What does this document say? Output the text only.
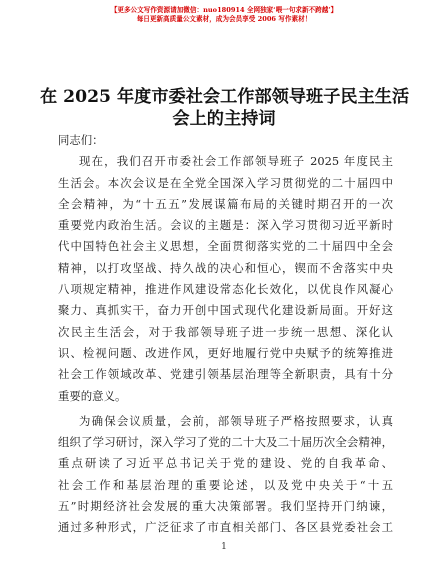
【更多公文写作资源请加微信：nuo180914 全网独家‘喂一句求新不跨越’】
每日更新高质量公文素材，成为会员享受 2006 写作素材！
在 2025 年度市委社会工作部领导班子民主生活
会上的主持词
同志们：
现在，我们召开市委社会工作部领导班子 2025 年度民主
生活会。本次会议是在全党全国深入学习贯彻党的二十届四中
全会精神，为“十五五”发展谋篇布局的关键时期召开的一次
重要党内政治生活。会议的主题是：深入学习贯彻习近平新时
代中国特色社会主义思想，全面贯彻落实党的二十届四中全会
精神，以打攻坚战、持久战的决心和恒心，锲而不舍落实中央
八项规定精神，推进作风建设常态化长效化，以优良作风凝心
聚力、真抓实干，奋力开创中国式现代化建设新局面。开好这
次民主生活会，对于我部领导班子进一步统一思想、深化认
识、检视问题、改进作风，更好地履行党中央赋予的统筹推进
社会工作领域改革、党建引领基层治理等全新职责，具有十分
重要的意义。
为确保会议质量，会前，部领导班子严格按照要求，认真
组织了学习研讨，深入学习了党的二十大及二十届历次全会精神，
重点研读了习近平总书记关于党的建设、党的自我革命、
社会工作和基层治理的重要论述，以及党中央关于“十五
五”时期经济社会发展的重大决策部署。我们坚持开门纳谏，
通过多种形式，广泛征求了市直相关部门、各区县党委社会工
1
